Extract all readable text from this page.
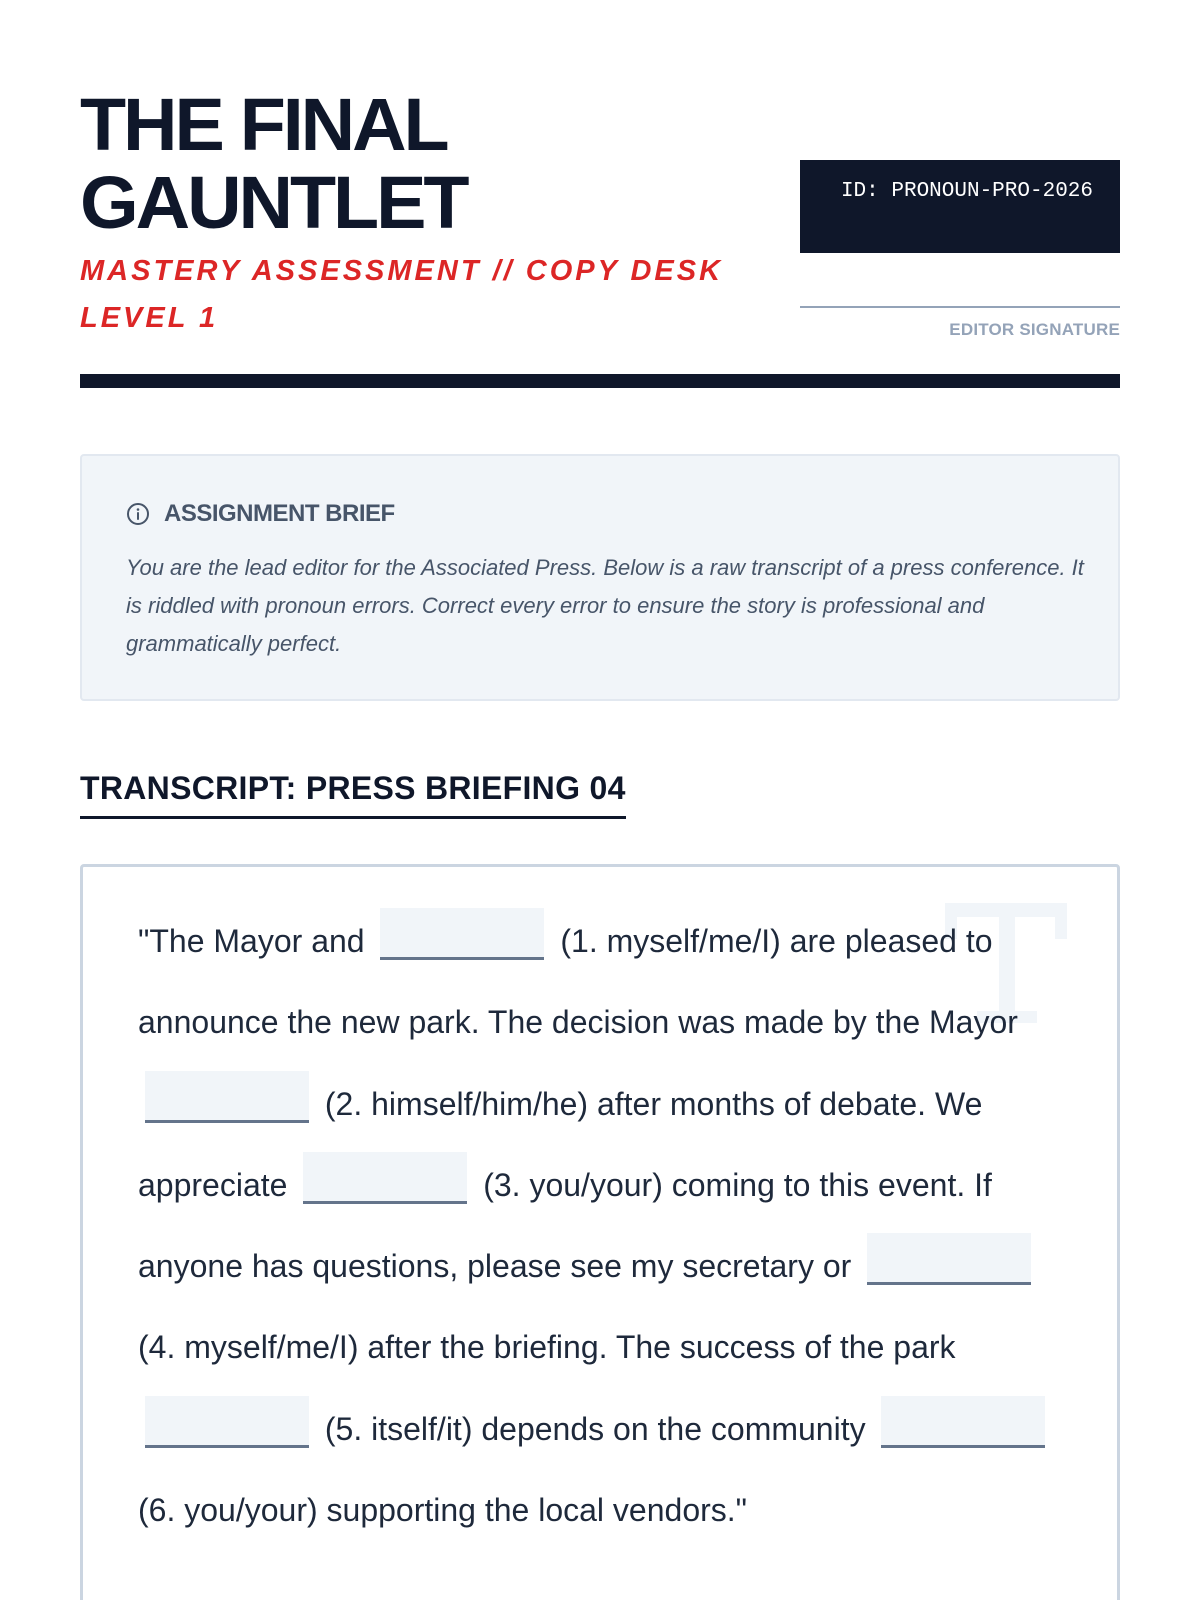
THE FINAL
GAUNTLET

MASTERY ASSESSMENT // COPY DESK LEVEL 1

ID: PRONOUN-PRO-2026
EDITOR SIGNATURE
ASSIGNMENT BRIEF

You are the lead editor for the Associated Press. Below is a raw transcript of a press conference. It is riddled with pronoun errors. Correct every error to ensure the story is professional and grammatically perfect.

TRANSCRIPT: PRESS BRIEFING 04

"The Mayor and	(1. myself/me/I) are pleased to announce the new park. The decision was made by the Mayor  (2. himself/him/he) after months of debate. We appreciate	(3. you/your) coming to this event. If anyone has questions, please see my secretary or  (4. myself/me/I) after the briefing. The success of the park  (5. itself/it) depends on the community  (6. you/your) supporting the local vendors."
